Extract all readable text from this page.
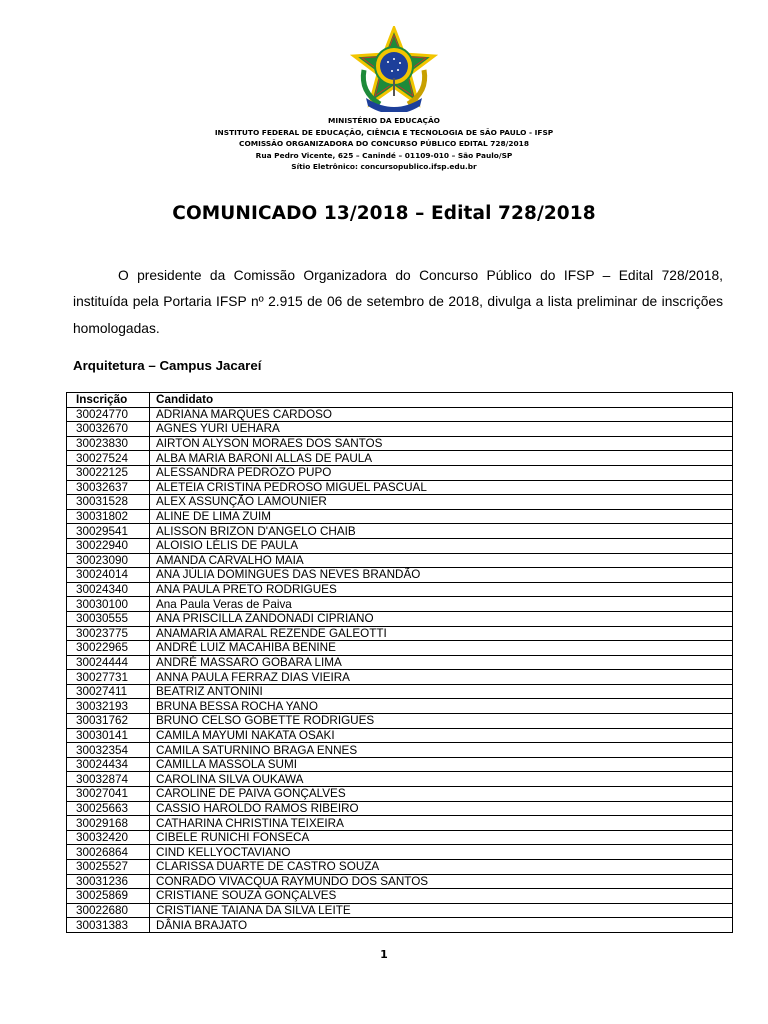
MINISTÉRIO DA EDUCAÇÃO
INSTITUTO FEDERAL DE EDUCAÇÃO, CIÊNCIA E TECNOLOGIA DE SÃO PAULO - IFSP
COMISSÃO ORGANIZADORA DO CONCURSO PÚBLICO EDITAL 728/2018
Rua Pedro Vicente, 625 – Canindé – 01109-010 – São Paulo/SP
Sítio Eletrônico: concursopublico.ifsp.edu.br
COMUNICADO 13/2018 – Edital 728/2018

O presidente da Comissão Organizadora do Concurso Público do IFSP – Edital 728/2018, instituída pela Portaria IFSP nº 2.915 de 06 de setembro de 2018, divulga a lista preliminar de inscrições homologadas.

Arquitetura – Campus Jacareí
Inscrição	Candidato
30024770	ADRIANA MARQUES CARDOSO
30032670	AGNES YURI UEHARA
30023830	AIRTON ALYSON MORAES DOS SANTOS
30027524	ALBA MARIA BARONI ALLAS DE PAULA
30022125	ALESSANDRA PEDROZO PUPO
30032637	ALETEIA CRISTINA PEDROSO MIGUEL PASCUAL
30031528	ALEX ASSUNÇÃO LAMOUNIER
30031802	ALINE DE LIMA ZUIM
30029541	ALISSON BRIZON D'ANGELO CHAIB
30022940	ALOISIO LÉLIS DE PAULA
30023090	AMANDA CARVALHO MAIA
30024014	ANA JÚLIA DOMINGUES DAS NEVES BRANDÃO
30024340	ANA PAULA PRETO RODRIGUES
30030100	Ana Paula Veras de Paiva
30030555	ANA PRISCILLA ZANDONADI CIPRIANO
30023775	ANAMARIA AMARAL REZENDE GALEOTTI
30022965	ANDRÉ LUIZ MACAHIBA BENINE
30024444	ANDRÉ MASSARO GOBARA LIMA
30027731	ANNA PAULA FERRAZ DIAS VIEIRA
30027411	BEATRIZ ANTONINI
30032193	BRUNA BESSA ROCHA YANO
30031762	BRUNO CELSO GOBETTE RODRIGUES
30030141	CAMILA MAYUMI NAKATA OSAKI
30032354	CAMILA SATURNINO BRAGA ENNES
30024434	CAMILLA MASSOLA SUMI
30032874	CAROLINA SILVA OUKAWA
30027041	CAROLINE DE PAIVA GONÇALVES
30025663	CASSIO HAROLDO RAMOS RIBEIRO
30029168	CATHARINA CHRISTINA TEIXEIRA
30032420	CIBELE RUNICHI FONSECA
30026864	CIND KELLYOCTAVIANO
30025527	CLARISSA DUARTE DE CASTRO SOUZA
30031236	CONRADO VIVACQUA RAYMUNDO DOS SANTOS
30025869	CRISTIANE SOUZA GONÇALVES
30022680	CRISTIANE TAIANA DA SILVA LEITE
30031383	DÂNIA BRAJATO
1
